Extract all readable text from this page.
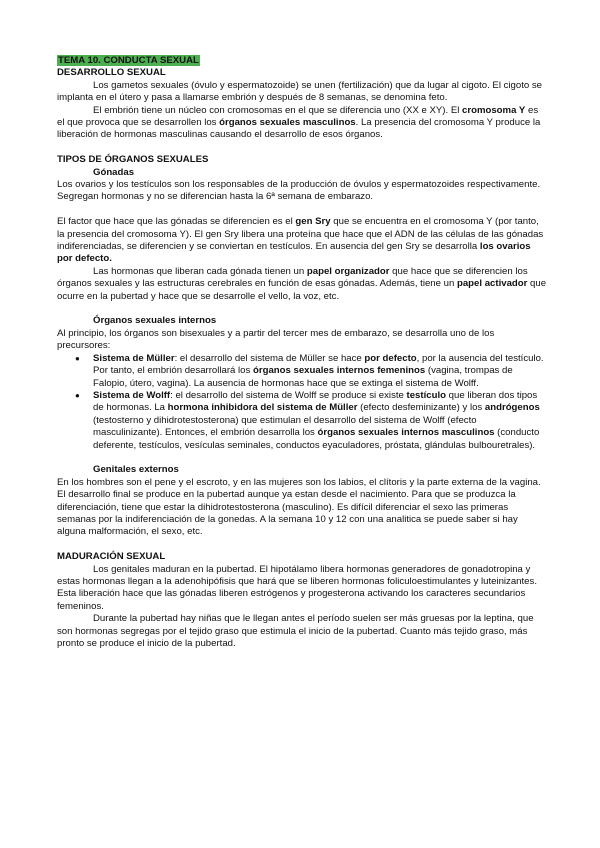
TEMA 10. CONDUCTA SEXUAL

DESARROLLO SEXUAL

Los gametos sexuales (óvulo y espermatozoide) se unen (fertilización) que da lugar al cigoto. El cigoto se implanta en el útero y pasa a llamarse embrión y después de 8 semanas, se denomina feto.

El embrión tiene un núcleo con cromosomas en el que se diferencia uno (XX e XY). El cromosoma Y es el que provoca que se desarrollen los órganos sexuales masculinos. La presencia del cromosoma Y produce la liberación de hormonas masculinas causando el desarrollo de esos órganos.

TIPOS DE ÓRGANOS SEXUALES

Gónadas

Los ovarios y los testículos son los responsables de la producción de óvulos y espermatozoides respectivamente. Segregan hormonas y no se diferencian hasta la 6ª semana de embarazo.

El factor que hace que las gónadas se diferencien es el gen Sry que se encuentra en el cromosoma Y (por tanto, la presencia del cromosoma Y). El gen Sry libera una proteína que hace que el ADN de las células de las gónadas indiferenciadas, se diferencien y se conviertan en testículos. En ausencia del gen Sry se desarrolla los ovarios por defecto.

Las hormonas que liberan cada gónada tienen un papel organizador que hace que se diferencien los órganos sexuales y las estructuras cerebrales en función de esas gónadas. Además, tiene un papel activador que ocurre en la pubertad y hace que se desarrolle el vello, la voz, etc.

Órganos sexuales internos

Al principio, los órganos son bisexuales y a partir del tercer mes de embarazo, se desarrolla uno de los precursores:

● Sistema de Müller: el desarrollo del sistema de Müller se hace por defecto, por la ausencia del testículo. Por tanto, el embrión desarrollará los órganos sexuales internos femeninos (vagina, trompas de Falopio, útero, vagina). La ausencia de hormonas hace que se extinga el sistema de Wolff.
● Sistema de Wolff: el desarrollo del sistema de Wolff se produce si existe testículo que liberan dos tipos de hormonas. La hormona inhibidora del sistema de Müller (efecto desfeminizante) y los andrógenos (testosterno y dihidrotestosterona) que estimulan el desarrollo del sistema de Wolff (efecto masculinizante). Entonces, el embrión desarrolla los órganos sexuales internos masculinos (conducto deferente, testículos, vesículas seminales, conductos eyaculadores, próstata, glándulas bulbouretrales).

Genitales externos

En los hombres son el pene y el escroto, y en las mujeres son los labios, el clítoris y la parte externa de la vagina. El desarrollo final se produce en la pubertad aunque ya estan desde el nacimiento. Para que se produzca la diferenciación, tiene que estar la dihidrotestosterona (masculino). Es difícil diferenciar el sexo las primeras semanas por la indiferenciación de la gonedas. A la semana 10 y 12 con una analitica se puede saber si hay alguna malformación, el sexo, etc.

MADURACIÓN SEXUAL

Los genitales maduran en la pubertad. El hipotálamo libera hormonas generadores de gonadotropina y estas hormonas llegan a la adenohipófisis que hará que se liberen hormonas foliculoestimulantes y luteinizantes. Esta liberación hace que las gónadas liberen estrógenos y progesterona activando los caracteres secundarios femeninos.

Durante la pubertad hay niñas que le llegan antes el período suelen ser más gruesas por la leptina, que son hormonas segregas por el tejido graso que estimula el inicio de la pubertad. Cuanto más tejido graso, más pronto se produce el inicio de la pubertad.
